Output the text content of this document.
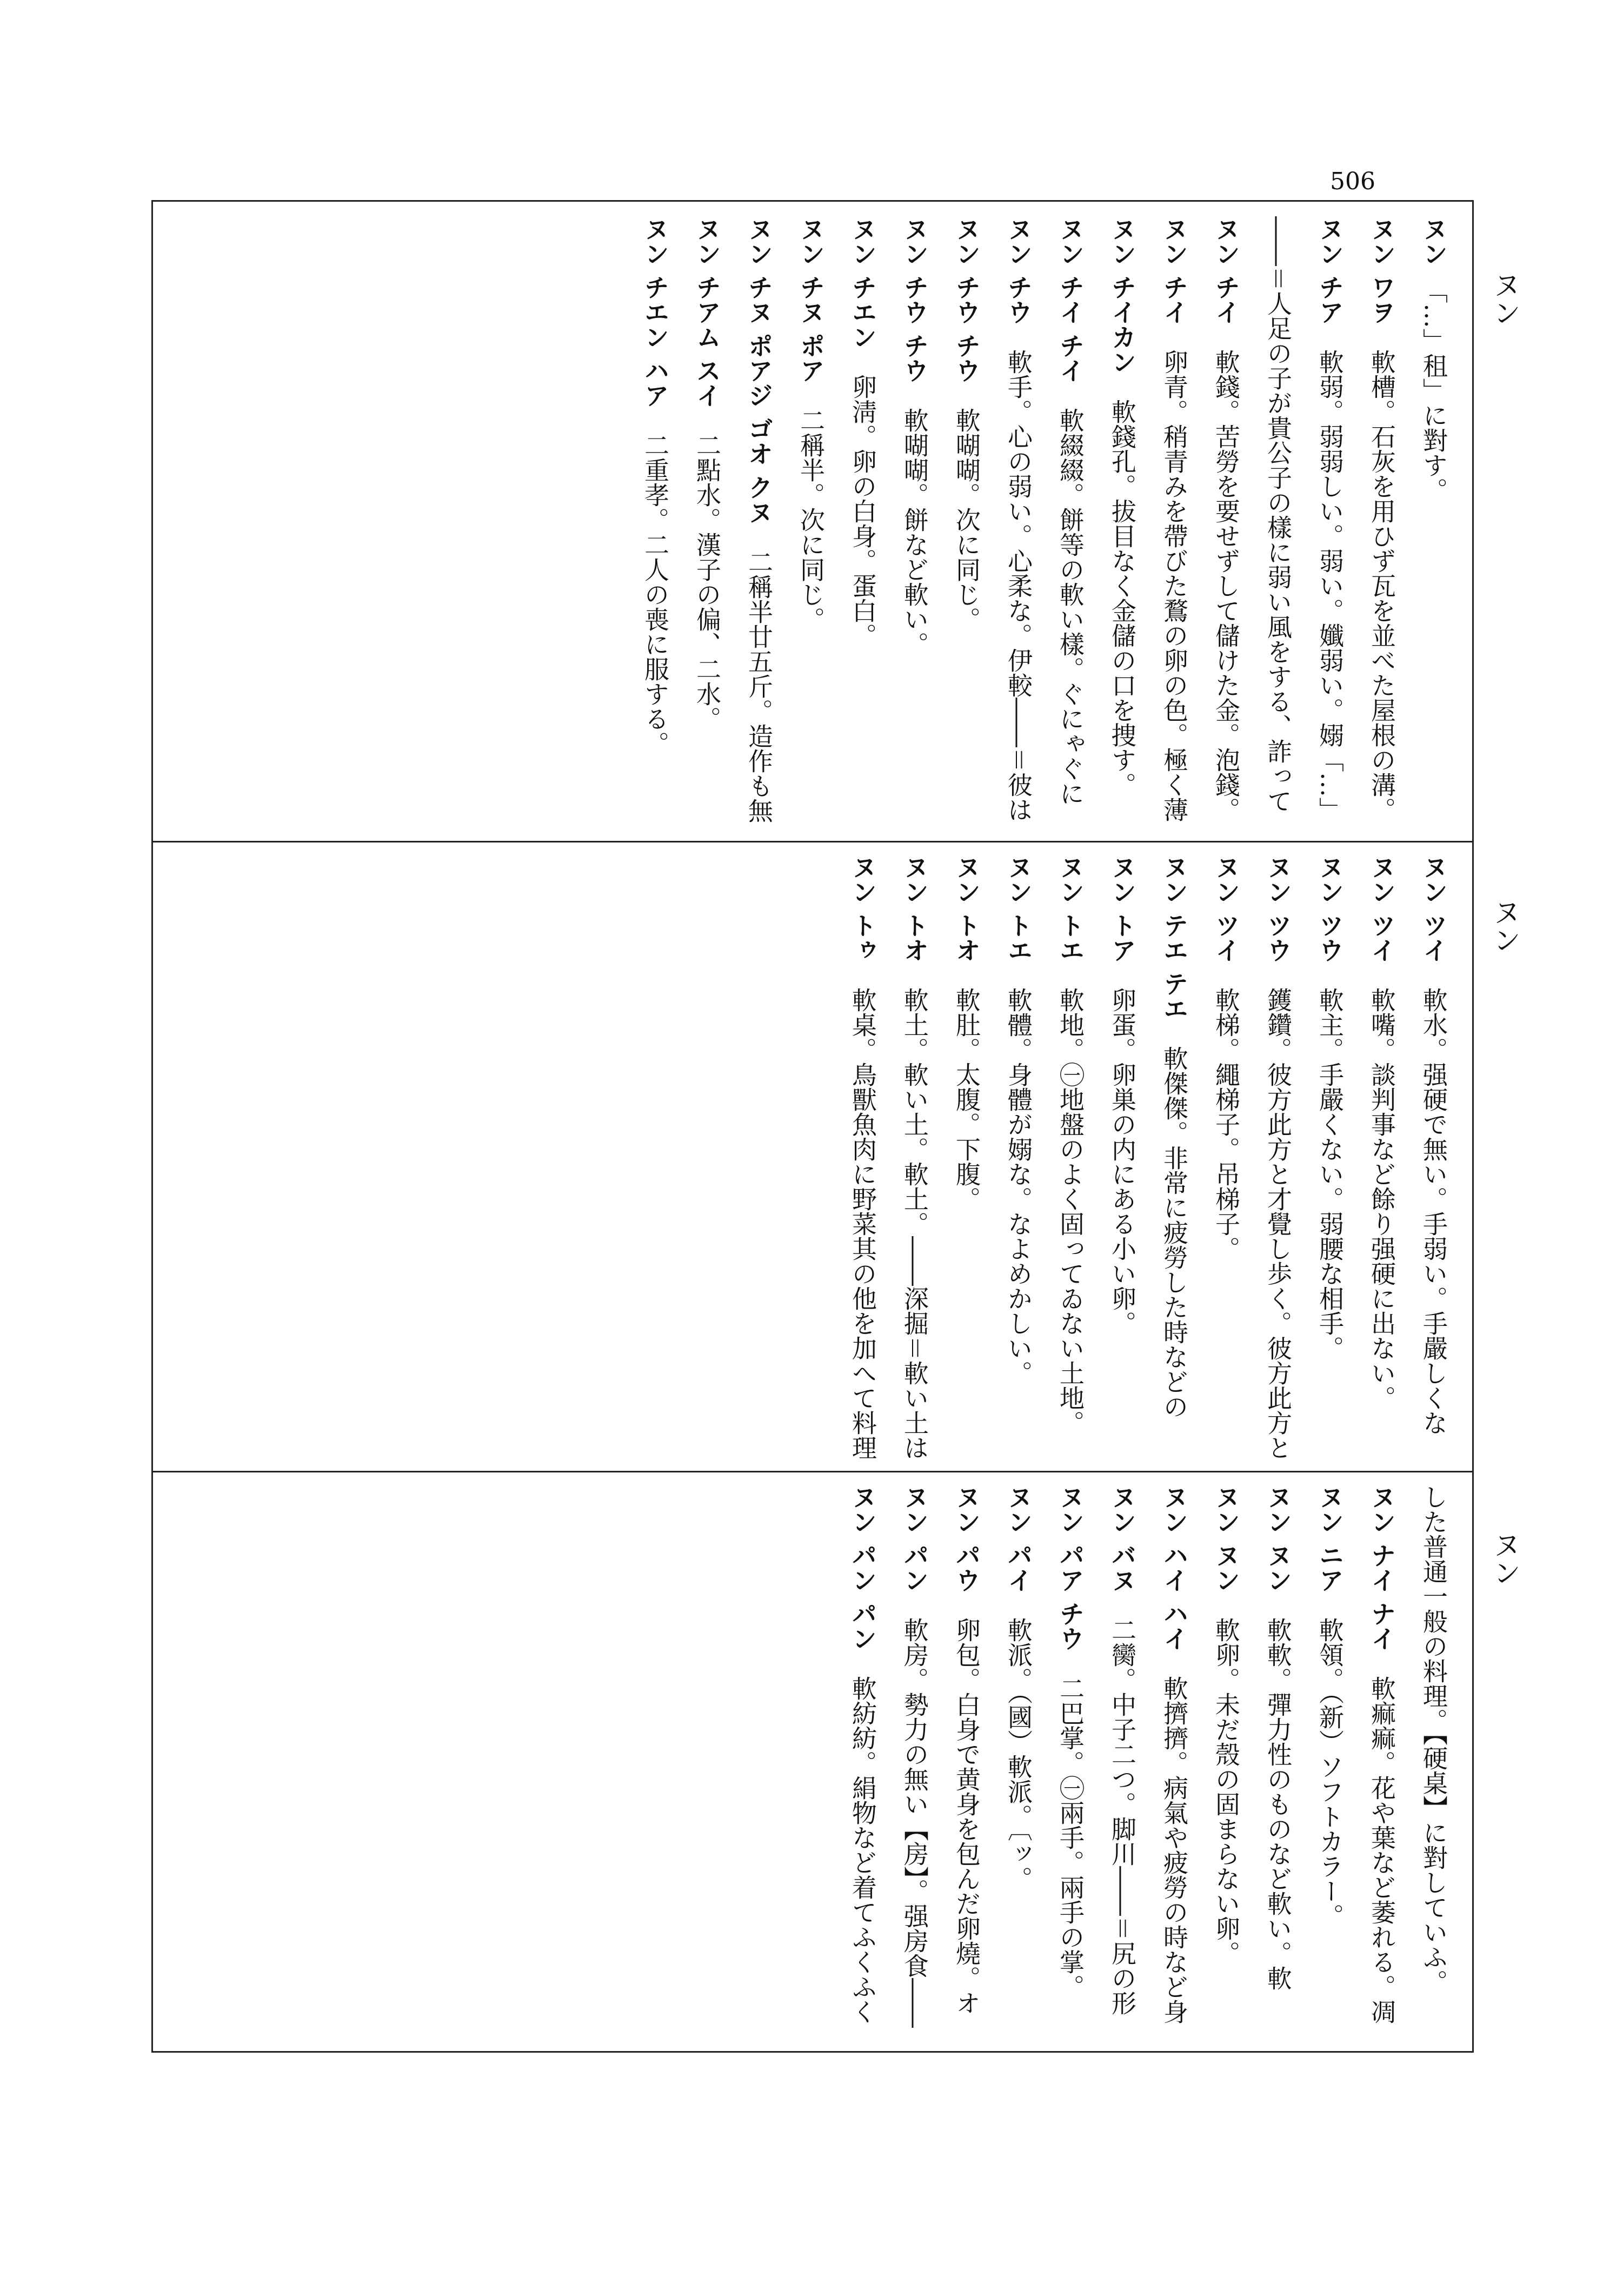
506
ヌン
ヌン
ヌン
ヌン　「…」租」に對す。
ヌン ワヲ　軟槽。石灰を用ひず瓦を並べた屋根の溝。
ヌン チア　軟弱。弱弱しい。弱い。孅弱い。嫋「…」
――＝人足の子が貴公子の樣に弱い風をする、詐って
ヌン チイ　軟錢。苦勞を要せずして儲けた金。泡錢。
ヌン チイ　卵青。稍青みを帶びた鶩の卵の色。極く薄
ヌン チイカン　軟錢孔。拔目なく金儲の口を捜す。
ヌン チイ チイ　軟綴綴。餅等の軟い樣。ぐにゃぐに
ヌン チウ　軟手。心の弱い。心柔な。伊較――＝彼は
ヌン チウ チウ　軟㗅㗅。次に同じ。
ヌン チウ チウ　軟㗅㗅。餅など軟い。
ヌン チエン　卵淸。卵の白身。蛋白。
ヌン チヌ ポア　二稱半。次に同じ。
ヌン チヌ ポアジ ゴオ クヌ　二稱半廿五斤。造作も無
ヌン チアム スイ　二點水。漢子の偏、二水。
ヌン チエン ハア　二重孝。二人の喪に服する。
ヌン ツイ　軟水。强硬で無い。手弱い。手嚴しくな
ヌン ツイ　軟嘴。談判事など餘り强硬に出ない。
ヌン ツウ　軟主。手嚴くない。弱腰な相手。
ヌン ツウ　鑊鑽。彼方此方と才覺し歩く。彼方此方と
ヌン ツイ　軟梯。繩梯子。吊梯子。
ヌン テエ テエ　軟傑傑。非常に疲勞した時などの
ヌン トア　卵蛋。卵巣の内にある小い卵。
ヌン トエ　軟地。㊀地盤のよく固ってゐない土地。
ヌン トエ　軟體。身體が嫋な。なよめかしい。
ヌン トオ　軟肚。太腹。下腹。
ヌン トオ　軟土。軟い土。軟土。――深掘＝軟い土は
ヌン トゥ　軟桌。鳥獸魚肉に野菜其の他を加へて料理
した普通一般の料理。【硬桌】に對していふ。
ヌン ナイ ナイ　軟痲痲。花や葉など萎れる。凋
ヌン ニア　軟領。（新）ソフトカラー。
ヌン ヌン　軟軟。彈力性のものなど軟い。軟
ヌン ヌン　軟卵。未だ殼の固まらない卵。
ヌン ハイ ハイ　軟擠擠。病氣や疲勞の時など身
ヌン バヌ　二臠。中子二つ。脚川――＝尻の形
ヌン パア チウ　二巴掌。㊀兩手。兩手の掌。
ヌン パイ　軟派。（國）軟派。〔ッ。
ヌン パウ　卵包。白身で黄身を包んだ卵燒。オ
ヌン パン　軟房。勢力の無い【房】。强房食――
ヌン パン パン　軟紡紡。絹物など着てふくふく
